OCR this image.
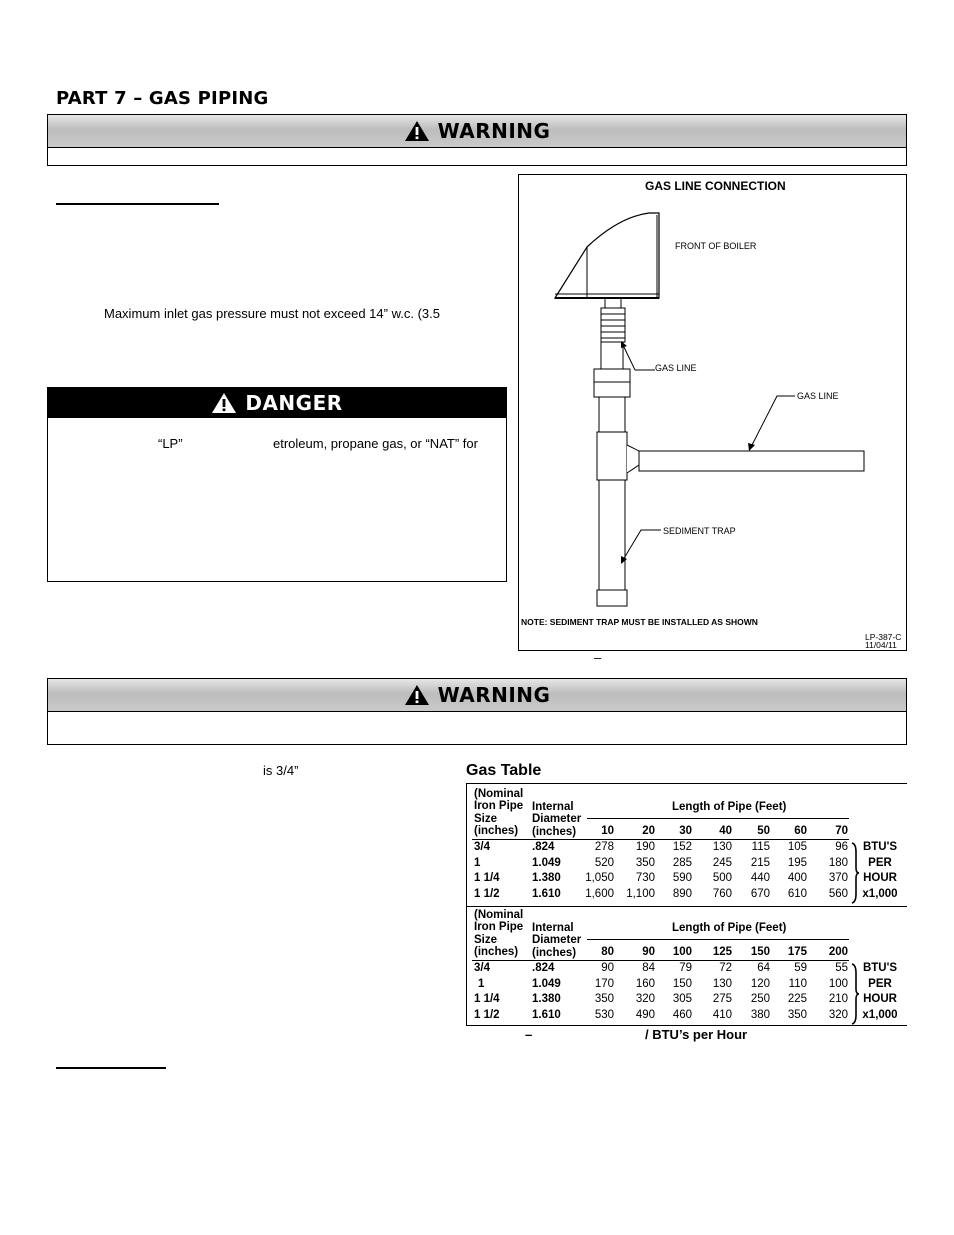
PART 7 – GAS PIPING
WARNING
Maximum inlet gas pressure must not exceed 14” w.c. (3.5
DANGER
“LP”	etroleum, propane gas, or “NAT” for
GAS LINE CONNECTION
FRONT OF BOILER
GAS LINE
GAS LINE
SEDIMENT TRAP
NOTE: SEDIMENT TRAP MUST BE INSTALLED AS SHOWN
LP-387-C
11/04/11
–
WARNING
is 3/4”	Gas Table
(Nominal
Iron Pipe
Size
(inches)
Internal
Diameter
(inches)
Length of Pipe (Feet)
10	20	30	40	50	60	70
3/4	.824	278	190	152	130	115	105	96
1	1.049	520	350	285	245	215	195	180
1 1/4	1.380	1,050	730	590	500	440	400	370
1 1/2	1.610	1,600	1,100	890	760	670	610	560
BTU'S
PER
HOUR
x1,000
(Nominal
Iron Pipe
Size
(inches)
Internal
Diameter
(inches)
Length of Pipe (Feet)
80	90	100	125	150	175	200
3/4	.824	90	84	79	72	64	59	55
1	1.049	170	160	150	130	120	110	100
1 1/4	1.380	350	320	305	275	250	225	210
1 1/2	1.610	530	490	460	410	380	350	320
BTU'S
PER
HOUR
x1,000
–	/ BTU’s per Hour
